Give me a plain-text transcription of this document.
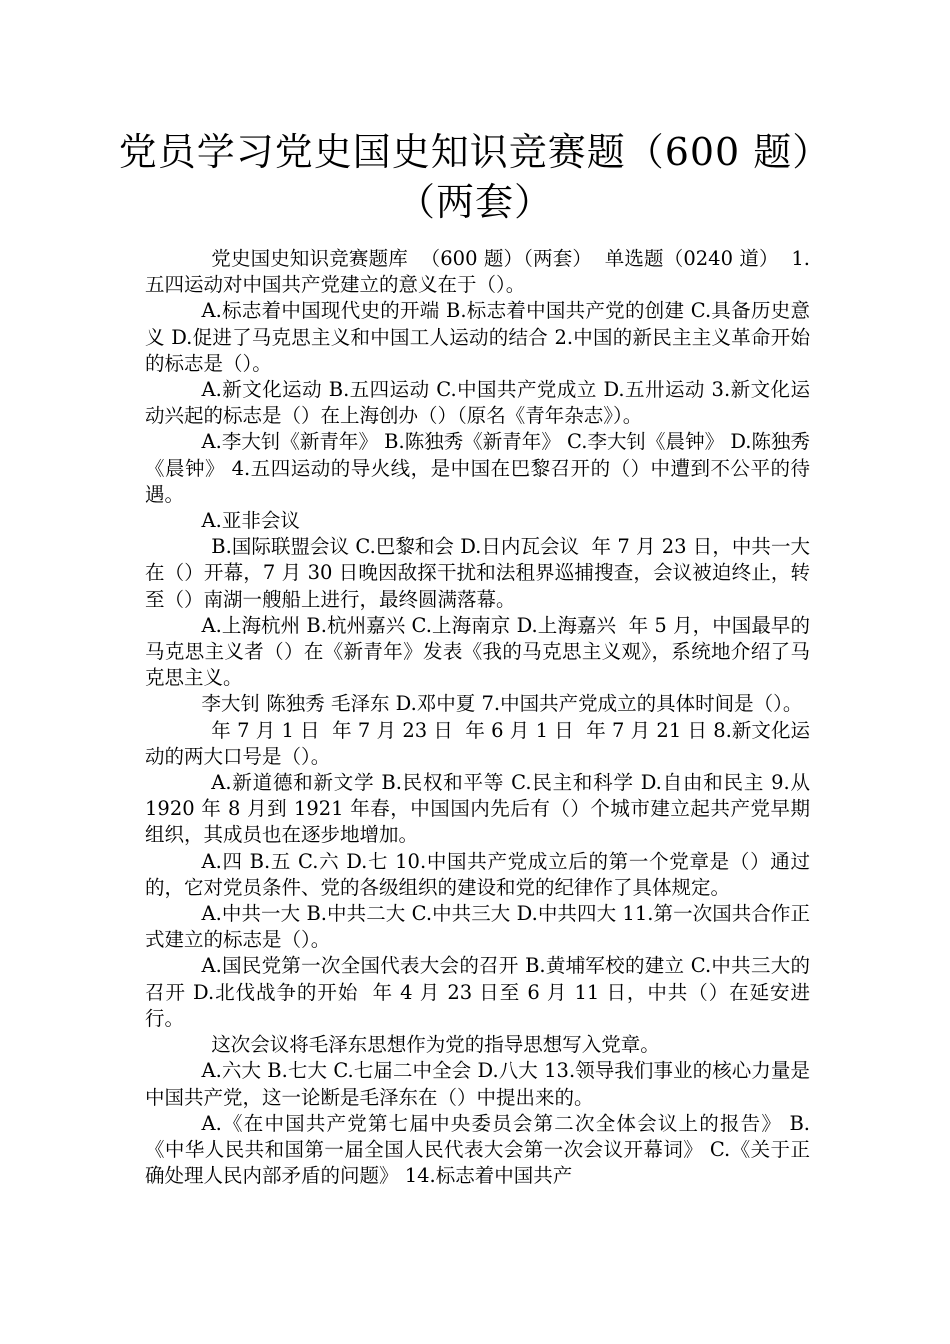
党员学习党史国史知识竞赛题（600 题）
（两套）

党史国史知识竞赛题库  （600 题）（两套）  单选题（0240 道）  1.五四运动对中国共产党建立的意义在于（）。

A.标志着中国现代史的开端 B.标志着中国共产党的创建 C.具备历史意义 D.促进了马克思主义和中国工人运动的结合 2.中国的新民主主义革命开始的标志是（）。

A.新文化运动 B.五四运动 C.中国共产党成立 D.五卅运动 3.新文化运动兴起的标志是（）在上海创办（）（原名《青年杂志》）。

A.李大钊《新青年》 B.陈独秀《新青年》 C.李大钊《晨钟》 D.陈独秀《晨钟》 4.五四运动的导火线，是中国在巴黎召开的（）中遭到不公平的待遇。

A.亚非会议

B.国际联盟会议 C.巴黎和会 D.日内瓦会议  年 7 月 23 日，中共一大在（）开幕，7 月 30 日晚因敌探干扰和法租界巡捕搜查，会议被迫终止，转至（）南湖一艘船上进行，最终圆满落幕。

A.上海杭州 B.杭州嘉兴 C.上海南京 D.上海嘉兴  年 5 月，中国最早的马克思主义者（）在《新青年》发表《我的马克思主义观》，系统地介绍了马克思主义。

李大钊 陈独秀 毛泽东 D.邓中夏 7.中国共产党成立的具体时间是（）。

年 7 月 1 日  年 7 月 23 日  年 6 月 1 日  年 7 月 21 日 8.新文化运动的两大口号是（）。

A.新道德和新文学 B.民权和平等 C.民主和科学 D.自由和民主 9.从 1920 年 8 月到 1921 年春，中国国内先后有（）个城市建立起共产党早期组织，其成员也在逐步地增加。

A.四 B.五 C.六 D.七 10.中国共产党成立后的第一个党章是（）通过的，它对党员条件、党的各级组织的建设和党的纪律作了具体规定。

A.中共一大 B.中共二大 C.中共三大 D.中共四大 11.第一次国共合作正式建立的标志是（）。

A.国民党第一次全国代表大会的召开 B.黄埔军校的建立 C.中共三大的召开 D.北伐战争的开始  年 4 月 23 日至 6 月 11 日，中共（）在延安进行。

这次会议将毛泽东思想作为党的指导思想写入党章。

A.六大 B.七大 C.七届二中全会 D.八大 13.领导我们事业的核心力量是中国共产党，这一论断是毛泽东在（）中提出来的。

A.《在中国共产党第七届中央委员会第二次全体会议上的报告》 B.《中华人民共和国第一届全国人民代表大会第一次会议开幕词》 C.《关于正确处理人民内部矛盾的问题》 14.标志着中国共产
